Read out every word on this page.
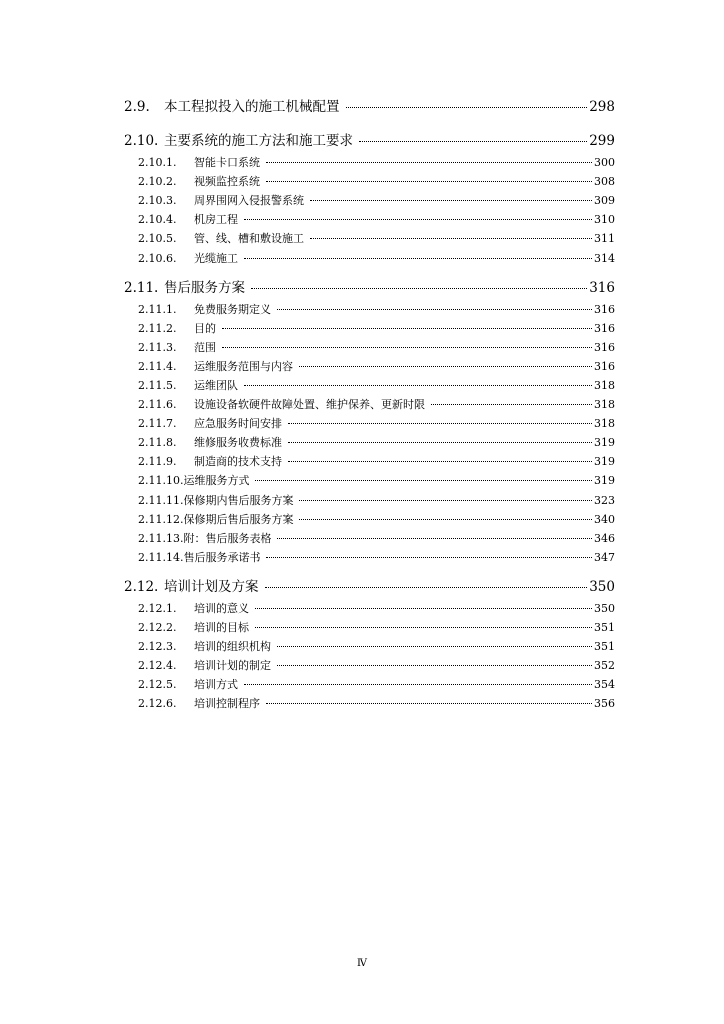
2.9.	本工程拟投入的施工机械配置	298
2.10. 主要系统的施工方法和施工要求	299
2.10.1.	智能卡口系统	300
2.10.2.	视频监控系统	308
2.10.3.	周界围网入侵报警系统	309
2.10.4.	机房工程	310
2.10.5.	管、线、槽和敷设施工	311
2.10.6.	光缆施工	314
2.11. 售后服务方案	316
2.11.1.	免费服务期定义	316
2.11.2.	目的	316
2.11.3.	范围	316
2.11.4.	运维服务范围与内容	316
2.11.5.	运维团队	318
2.11.6.	设施设备软硬件故障处置、维护保养、更新时限	318
2.11.7.	应急服务时间安排	318
2.11.8.	维修服务收费标准	319
2.11.9.	制造商的技术支持	319
2.11.10. 运维服务方式	319
2.11.11. 保修期内售后服务方案	323
2.11.12. 保修期后售后服务方案	340
2.11.13. 附：售后服务表格	346
2.11.14. 售后服务承诺书	347
2.12. 培训计划及方案	350
2.12.1.	培训的意义	350
2.12.2.	培训的目标	351
2.12.3.	培训的组织机构	351
2.12.4.	培训计划的制定	352
2.12.5.	培训方式	354
2.12.6.	培训控制程序	356
Ⅳ
